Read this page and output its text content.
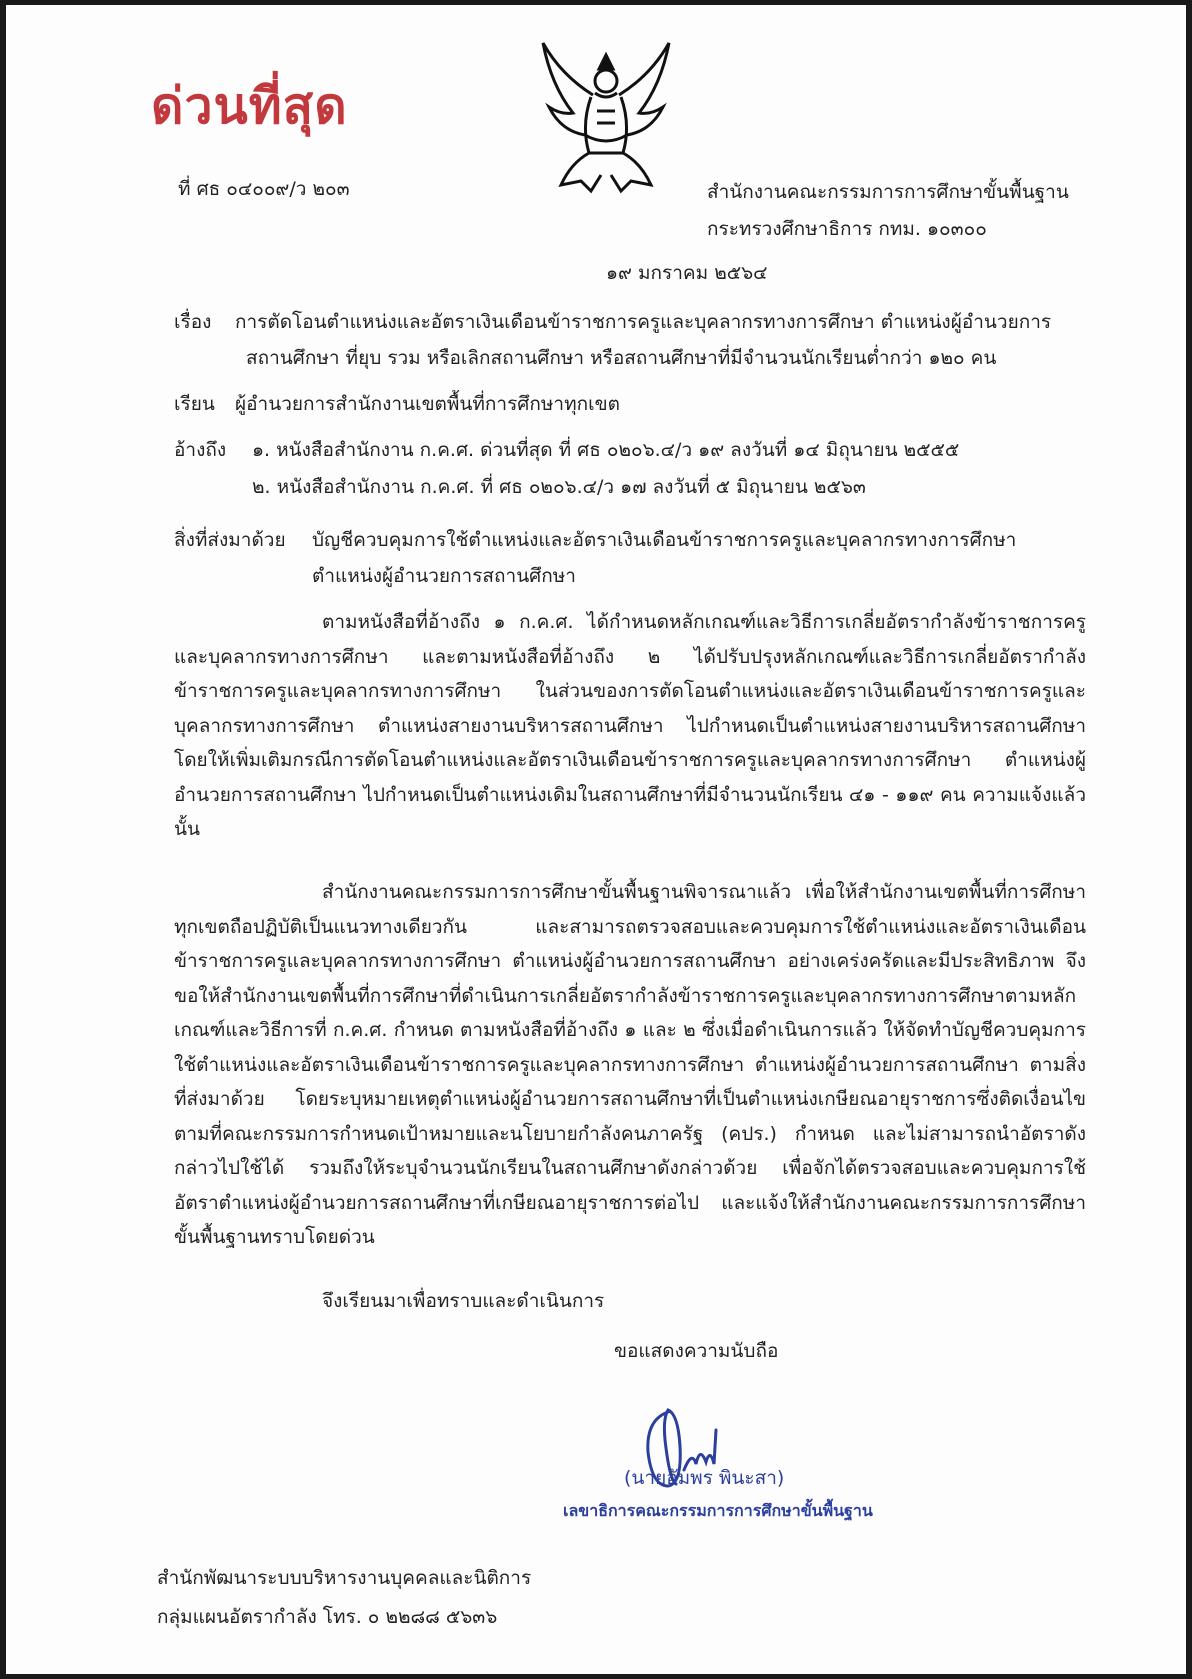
ด่วนที่สุด
ที่ ศธ ๐๔๐๐๙/ว ๒๐๓	สำนักงานคณะกรรมการการศึกษาขั้นพื้นฐาน
กระทรวงศึกษาธิการ กทม. ๑๐๓๐๐
๑๙ มกราคม ๒๕๖๔
เรื่อง การตัดโอนตำแหน่งและอัตราเงินเดือนข้าราชการครูและบุคลากรทางการศึกษา ตำแหน่งผู้อำนวยการ
สถานศึกษา ที่ยุบ รวม หรือเลิกสถานศึกษา หรือสถานศึกษาที่มีจำนวนนักเรียนต่ำกว่า ๑๒๐ คน
เรียน ผู้อำนวยการสำนักงานเขตพื้นที่การศึกษาทุกเขต
อ้างถึง ๑. หนังสือสำนักงาน ก.ค.ศ. ด่วนที่สุด ที่ ศธ ๐๒๐๖.๔/ว ๑๙ ลงวันที่ ๑๔ มิถุนายน ๒๕๕๕
๒. หนังสือสำนักงาน ก.ค.ศ. ที่ ศธ ๐๒๐๖.๔/ว ๑๗ ลงวันที่ ๕ มิถุนายน ๒๕๖๓
สิ่งที่ส่งมาด้วย บัญชีควบคุมการใช้ตำแหน่งและอัตราเงินเดือนข้าราชการครูและบุคลากรทางการศึกษา
ตำแหน่งผู้อำนวยการสถานศึกษา
ตามหนังสือที่อ้างถึง ๑ ก.ค.ศ. ได้กำหนดหลักเกณฑ์และวิธีการเกลี่ยอัตรากำลังข้าราชการครูและบุคลากรทางการศึกษา และตามหนังสือที่อ้างถึง ๒ ได้ปรับปรุงหลักเกณฑ์และวิธีการเกลี่ยอัตรากำลังข้าราชการครูและบุคลากรทางการศึกษา ในส่วนของการตัดโอนตำแหน่งและอัตราเงินเดือนข้าราชการครูและบุคลากรทางการศึกษา ตำแหน่งสายงานบริหารสถานศึกษา ไปกำหนดเป็นตำแหน่งสายงานบริหารสถานศึกษา โดยให้เพิ่มเติมกรณีการตัดโอนตำแหน่งและอัตราเงินเดือนข้าราชการครูและบุคลากรทางการศึกษา ตำแหน่งผู้อำนวยการสถานศึกษา ไปกำหนดเป็นตำแหน่งเดิมในสถานศึกษาที่มีจำนวนนักเรียน ๔๑ - ๑๑๙ คน ความแจ้งแล้ว นั้น
สำนักงานคณะกรรมการการศึกษาขั้นพื้นฐานพิจารณาแล้ว เพื่อให้สำนักงานเขตพื้นที่การศึกษาทุกเขตถือปฏิบัติเป็นแนวทางเดียวกัน และสามารถตรวจสอบและควบคุมการใช้ตำแหน่งและอัตราเงินเดือนข้าราชการครูและบุคลากรทางการศึกษา ตำแหน่งผู้อำนวยการสถานศึกษา อย่างเคร่งครัดและมีประสิทธิภาพ จึงขอให้สำนักงานเขตพื้นที่การศึกษาที่ดำเนินการเกลี่ยอัตรากำลังข้าราชการครูและบุคลากรทางการศึกษาตามหลักเกณฑ์และวิธีการที่ ก.ค.ศ. กำหนด ตามหนังสือที่อ้างถึง ๑ และ ๒ ซึ่งเมื่อดำเนินการแล้ว ให้จัดทำบัญชีควบคุมการใช้ตำแหน่งและอัตราเงินเดือนข้าราชการครูและบุคลากรทางการศึกษา ตำแหน่งผู้อำนวยการสถานศึกษา ตามสิ่งที่ส่งมาด้วย โดยระบุหมายเหตุตำแหน่งผู้อำนวยการสถานศึกษาที่เป็นตำแหน่งเกษียณอายุราชการซึ่งติดเงื่อนไขตามที่คณะกรรมการกำหนดเป้าหมายและนโยบายกำลังคนภาครัฐ (คปร.) กำหนด และไม่สามารถนำอัตราดังกล่าวไปใช้ได้ รวมถึงให้ระบุจำนวนนักเรียนในสถานศึกษาดังกล่าวด้วย เพื่อจักได้ตรวจสอบและควบคุมการใช้อัตราตำแหน่งผู้อำนวยการสถานศึกษาที่เกษียณอายุราชการต่อไป และแจ้งให้สำนักงานคณะกรรมการการศึกษาขั้นพื้นฐานทราบโดยด่วน
จึงเรียนมาเพื่อทราบและดำเนินการ
ขอแสดงความนับถือ
(นายอัมพร พินะสา)
เลขาธิการคณะกรรมการการศึกษาขั้นพื้นฐาน
สำนักพัฒนาระบบบริหารงานบุคคลและนิติการ
กลุ่มแผนอัตรากำลัง โทร. ๐ ๒๒๘๘ ๕๖๓๖
